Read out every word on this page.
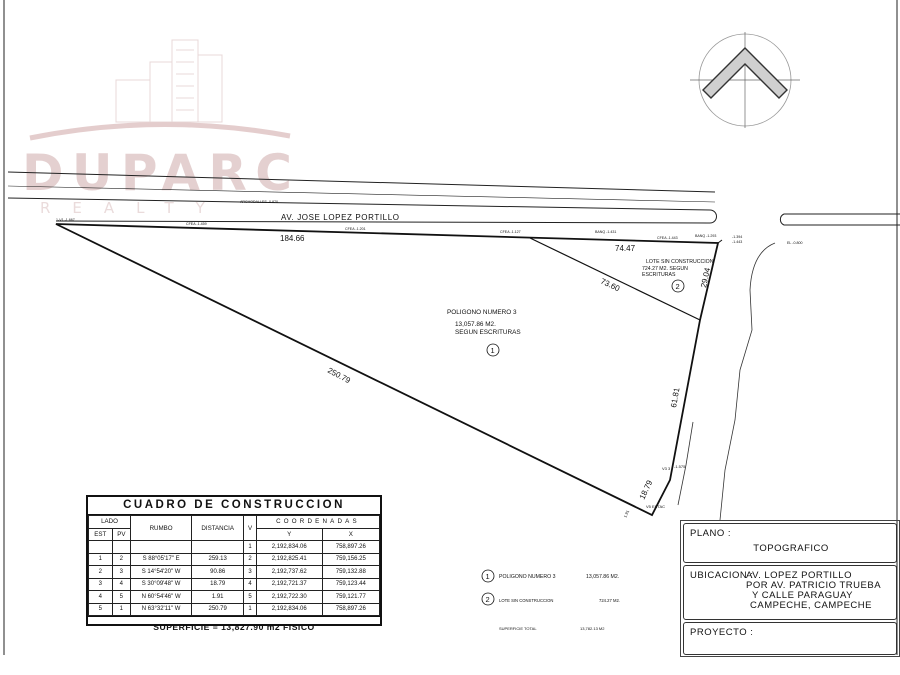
DUPARC
REALTY
AV. JOSE LOPEZ PORTILLO
ARCHODALLES -0.870
1-V1 -1.667
CFEA -1.459
CFEA -1.201
CFEA -1.127	BANQ -1.431
CFEA -1.443	BANQ -1.293	-1.394
-1.443	EL -0.800
184.66
74.47
73.60	29.04
250.79
61.81
18.79
V3 3 -1.575
1.91
V5 ESTAC
POLIGONO NUMERO 3
13,057.86 M2.
SEGUN ESCRITURAS
1
LOTE SIN CONSTRUCCION
724.27 M2. SEGUN
ESCRITURAS
2
1 POLIGONO NUMERO 3	13,057.86 M2.
2 LOTE SIN CONSTRUCCION	724.27 M2.
SUPERFICIE TOTAL	13,782.13 M2
CUADRO DE CONSTRUCCION
LADO		RUMBO	DISTANCIA	V	COORDENADAS	
EST	PV				Y	X
				1	2,192,834.06	758,897.26
1	2	S 88°05'17" E	259.13	2	2,192,825.41	759,156.25
2	3	S 14°54'20" W	90.86	3	2,192,737.62	759,132.88
3	4	S 30°09'48" W	18.79	4	2,192,721.37	759,123.44
4	5	N 60°54'46" W	1.91	5	2,192,722.30	759,121.77
5	1	N 63°32'11" W	250.79	1	2,192,834.06	758,897.26
SUPERFICIE = 13,827.90 m2 FISICO
PLANO :
TOPOGRAFICO
UBICACION :
AV. LOPEZ PORTILLO
POR AV. PATRICIO TRUEBA
Y CALLE PARAGUAY
CAMPECHE, CAMPECHE
PROYECTO :
